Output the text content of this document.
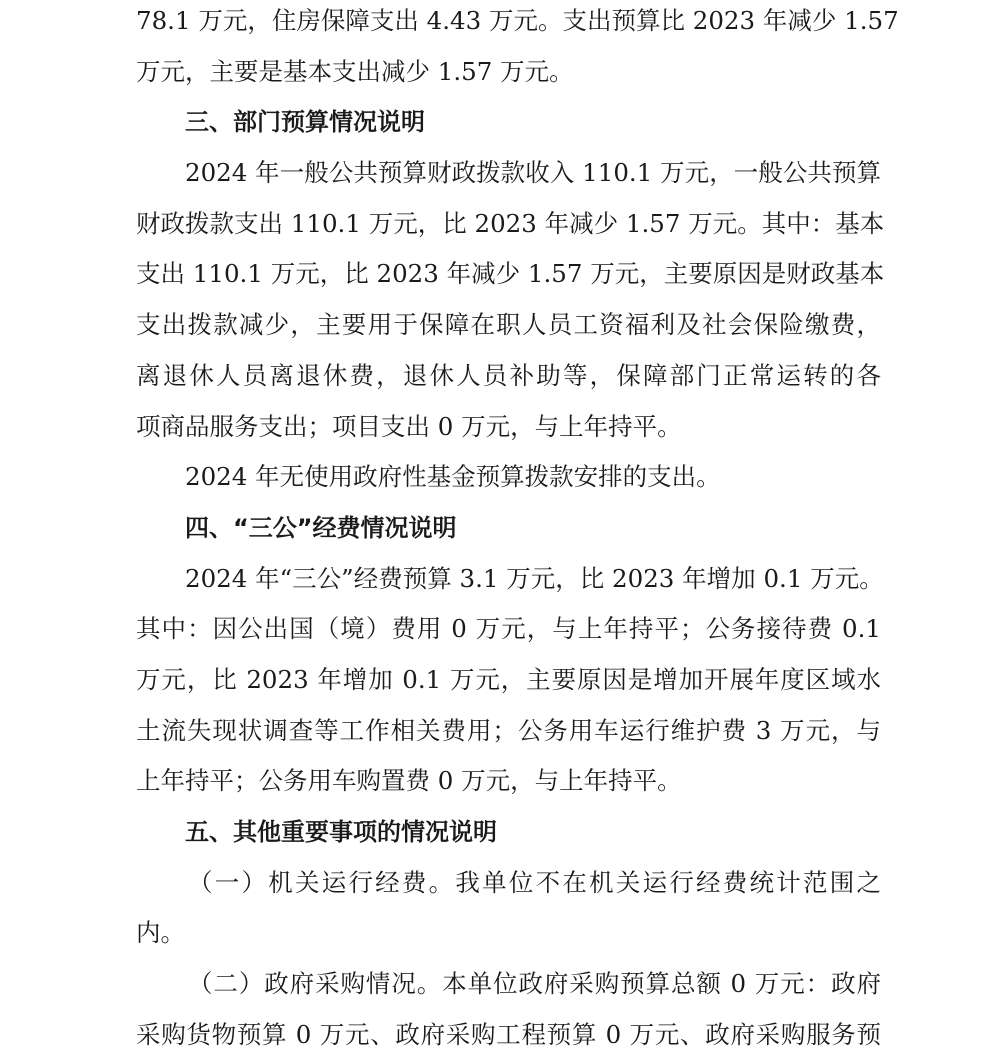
78.1 万元，住房保障支出 4.43 万元。支出预算比 2023 年减少 1.57
万元，主要是基本支出减少 1.57 万元。
三、部门预算情况说明
2024 年一般公共预算财政拨款收入 110.1 万元，一般公共预算
财政拨款支出 110.1 万元，比 2023 年减少 1.57 万元。其中：基本
支出 110.1 万元，比 2023 年减少 1.57 万元，主要原因是财政基本
支出拨款减少，主要用于保障在职人员工资福利及社会保险缴费，
离退休人员离退休费，退休人员补助等，保障部门正常运转的各
项商品服务支出；项目支出 0 万元，与上年持平。
2024 年无使用政府性基金预算拨款安排的支出。
四、“三公”经费情况说明
2024 年“三公”经费预算 3.1 万元，比 2023 年增加 0.1 万元。
其中：因公出国（境）费用 0 万元，与上年持平；公务接待费 0.1
万元，比 2023 年增加 0.1 万元，主要原因是增加开展年度区域水
土流失现状调查等工作相关费用；公务用车运行维护费 3 万元，与
上年持平；公务用车购置费 0 万元，与上年持平。
五、其他重要事项的情况说明
（一）机关运行经费。我单位不在机关运行经费统计范围之
内。
（二）政府采购情况。本单位政府采购预算总额 0 万元：政府
采购货物预算 0 万元、政府采购工程预算 0 万元、政府采购服务预
